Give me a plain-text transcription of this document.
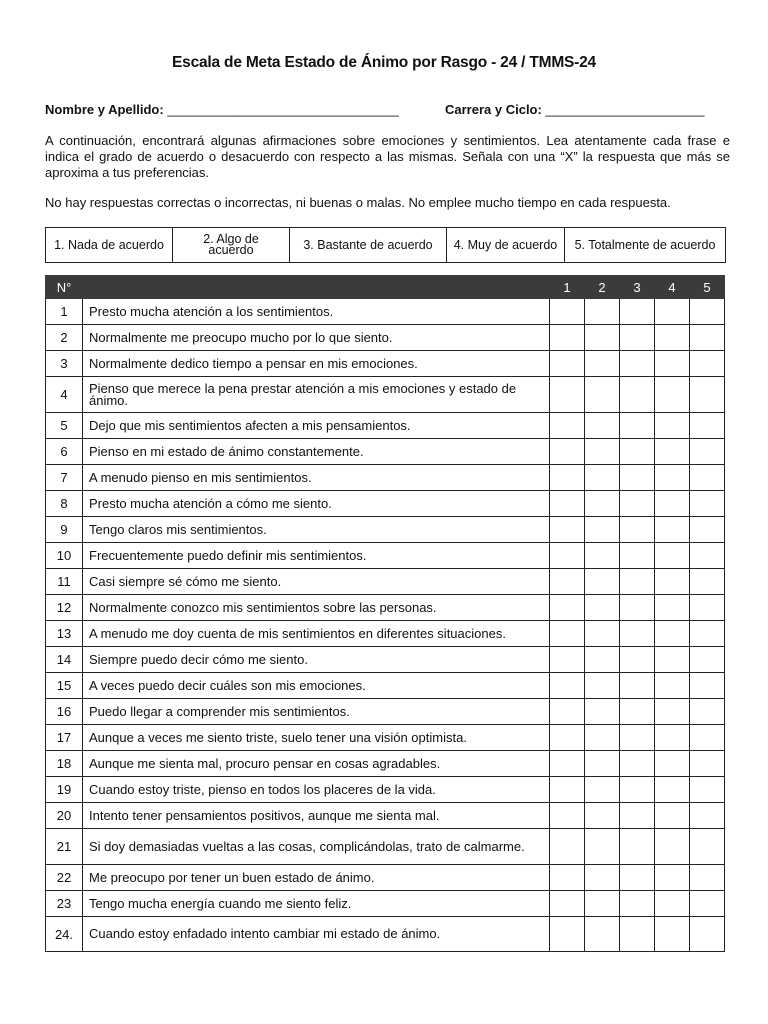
Escala de Meta Estado de Ánimo por Rasgo - 24 / TMMS-24
Nombre y Apellido: ________________________________	Carrera y Ciclo: ______________________
A continuación, encontrará algunas afirmaciones sobre emociones y sentimientos. Lea atentamente cada frase e indica el grado de acuerdo o desacuerdo con respecto a las mismas. Señala con una “X” la respuesta que más se aproxima a tus preferencias.
No hay respuestas correctas o incorrectas, ni buenas o malas. No emplee mucho tiempo en cada respuesta.
1. Nada de acuerdo	2. Algo de acuerdo	3. Bastante de acuerdo	4. Muy de acuerdo	5. Totalmente de acuerdo
N°		1	2	3	4	5
1	Presto mucha atención a los sentimientos.					
2	Normalmente me preocupo mucho por lo que siento.					
3	Normalmente dedico tiempo a pensar en mis emociones.					
4	Pienso que merece la pena prestar atención a mis emociones y estado de ánimo.					
5	Dejo que mis sentimientos afecten a mis pensamientos.					
6	Pienso en mi estado de ánimo constantemente.					
7	A menudo pienso en mis sentimientos.					
8	Presto mucha atención a cómo me siento.					
9	Tengo claros mis sentimientos.					
10	Frecuentemente puedo definir mis sentimientos.					
11	Casi siempre sé cómo me siento.					
12	Normalmente conozco mis sentimientos sobre las personas.					
13	A menudo me doy cuenta de mis sentimientos en diferentes situaciones.					
14	Siempre puedo decir cómo me siento.					
15	A veces puedo decir cuáles son mis emociones.					
16	Puedo llegar a comprender mis sentimientos.					
17	Aunque a veces me siento triste, suelo tener una visión optimista.					
18	Aunque me sienta mal, procuro pensar en cosas agradables.					
19	Cuando estoy triste, pienso en todos los placeres de la vida.					
20	Intento tener pensamientos positivos, aunque me sienta mal.					
21	Si doy demasiadas vueltas a las cosas, complicándolas, trato de calmarme.					
22	Me preocupo por tener un buen estado de ánimo.					
23	Tengo mucha energía cuando me siento feliz.					
24.	Cuando estoy enfadado intento cambiar mi estado de ánimo.					
